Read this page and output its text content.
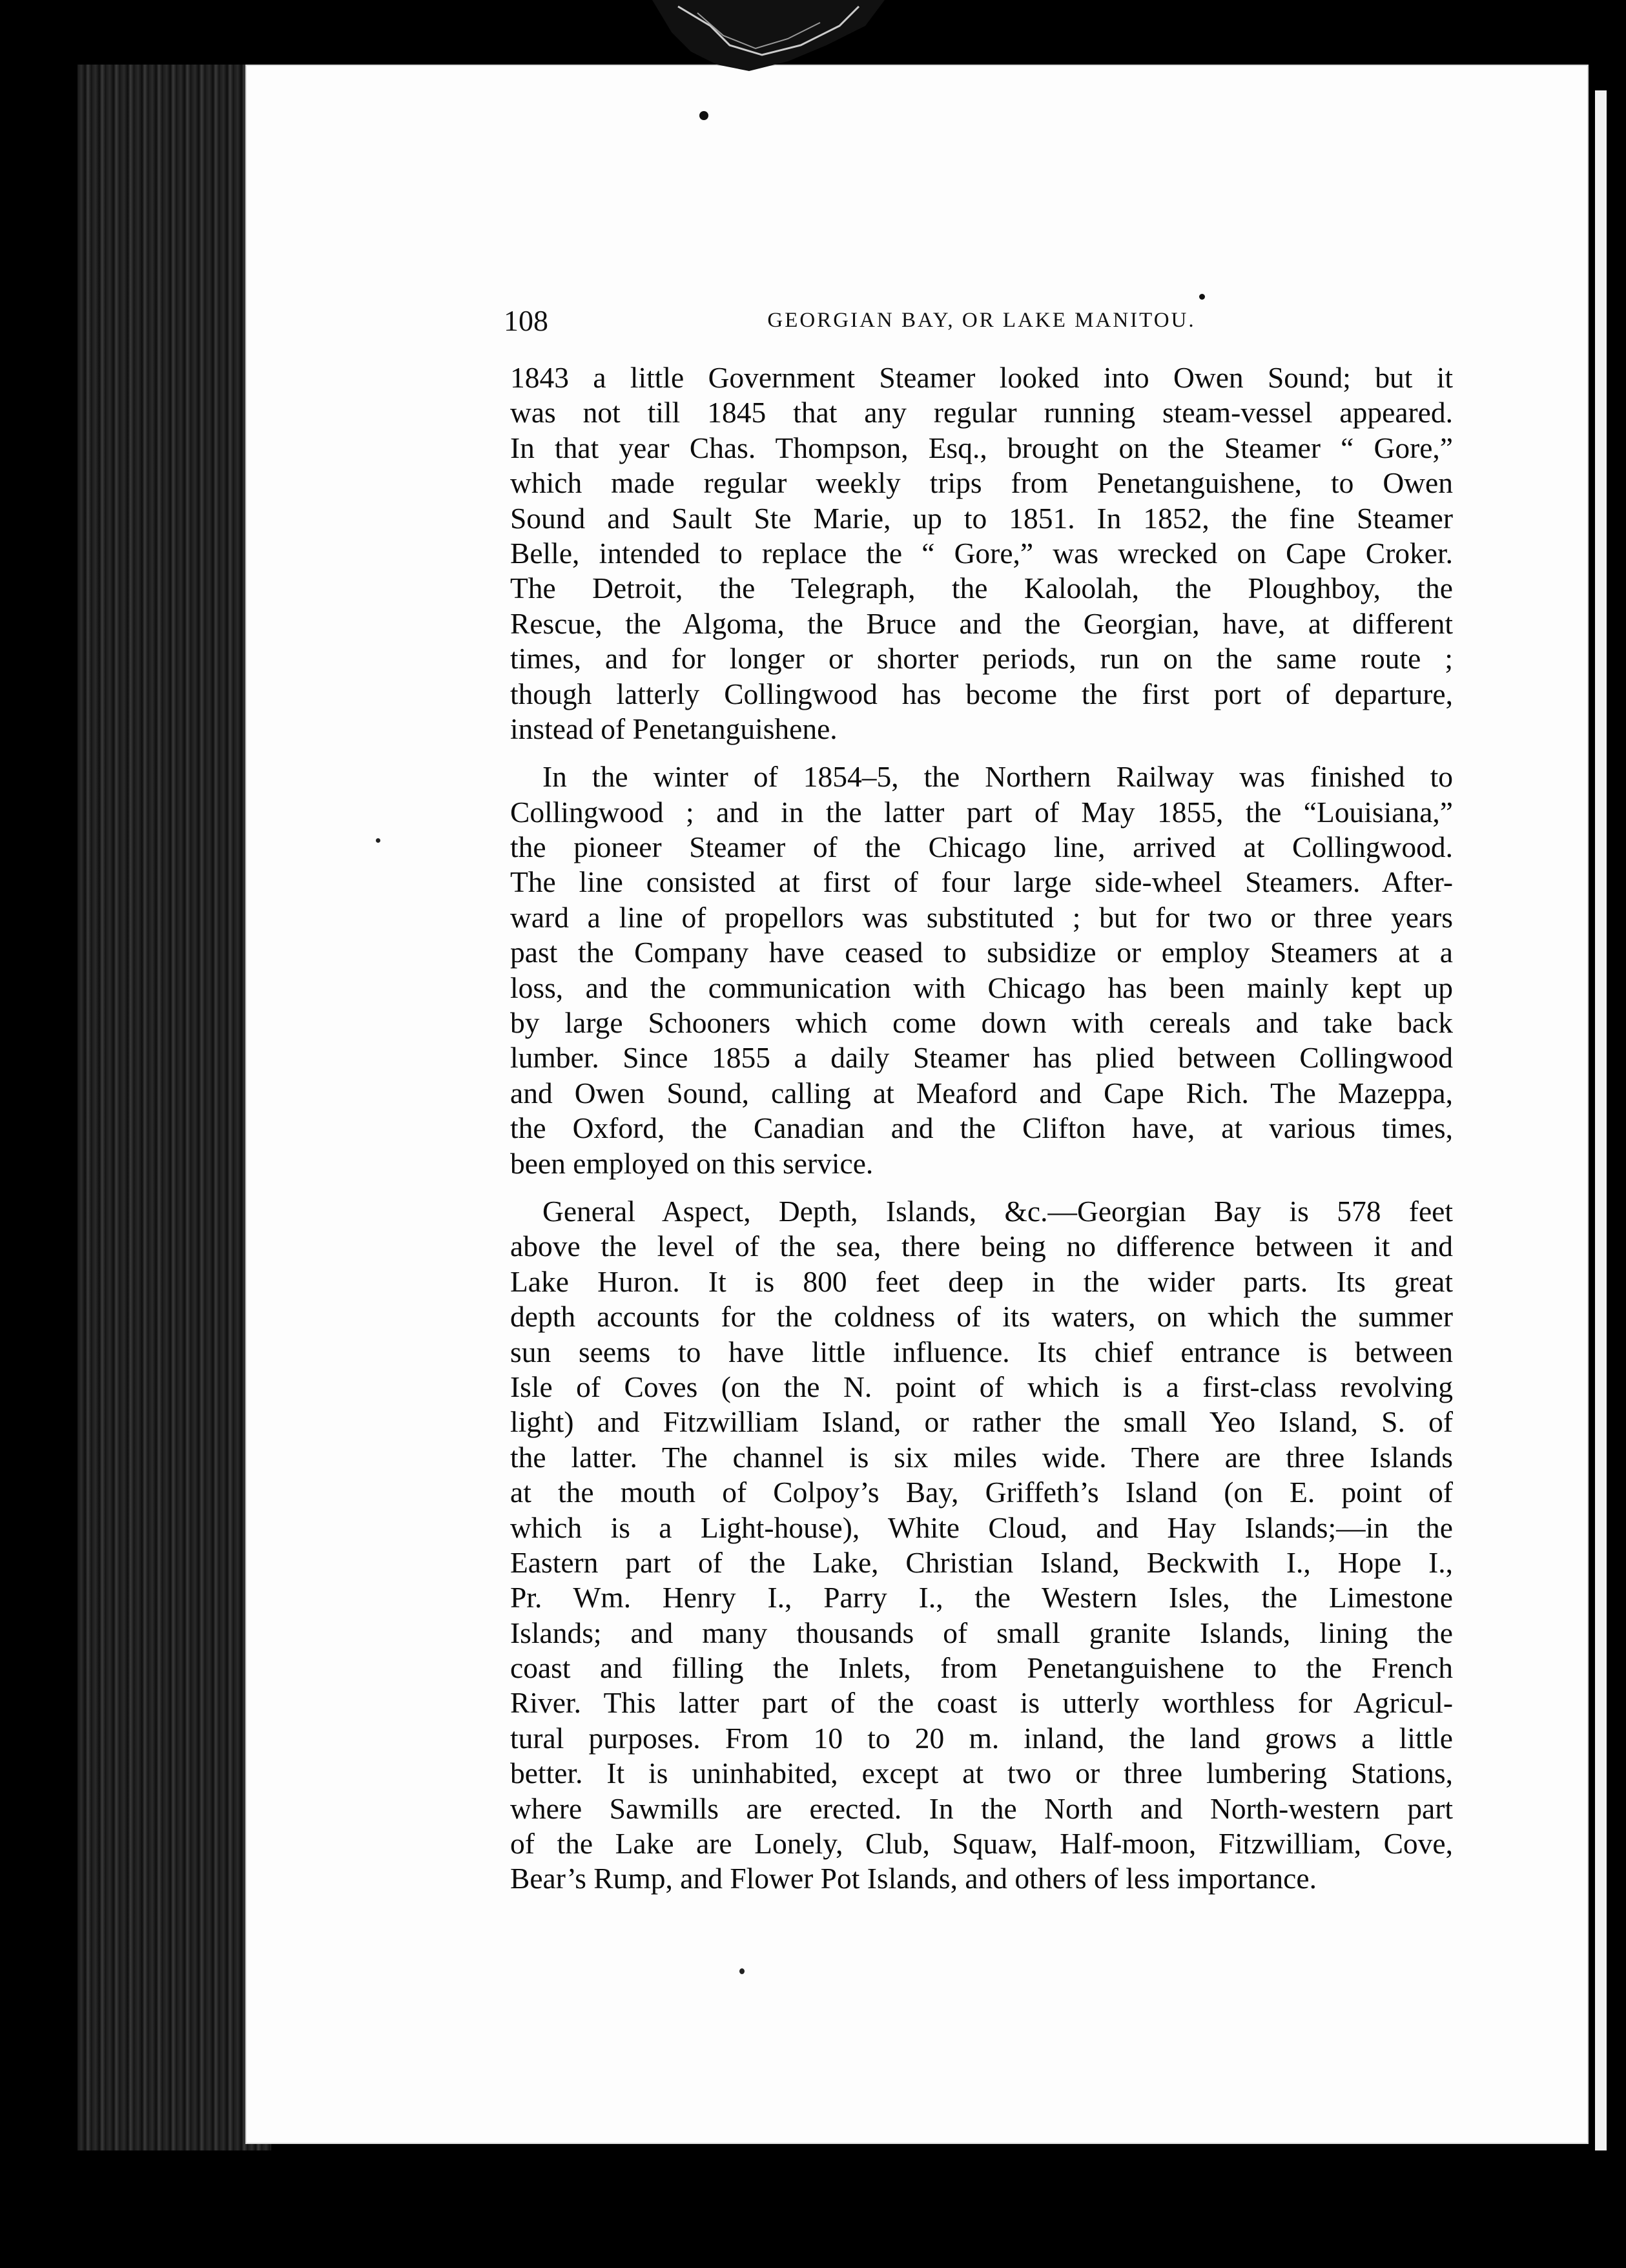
108	GEORGIAN BAY, OR LAKE MANITOU.
1843 a little Government Steamer looked into Owen Sound; but it
was not till 1845 that any regular running steam-vessel appeared.
In that year Chas. Thompson, Esq., brought on the Steamer “ Gore,”
which made regular weekly trips from Penetanguishene, to Owen
Sound and Sault Ste Marie, up to 1851. In 1852, the fine Steamer
Belle, intended to replace the “ Gore,” was wrecked on Cape Croker.
The Detroit, the Telegraph, the Kaloolah, the Ploughboy, the
Rescue, the Algoma, the Bruce and the Georgian, have, at different
times, and for longer or shorter periods, run on the same route ;
though latterly Collingwood has become the first port of departure,
instead of Penetanguishene.
In the winter of 1854–5, the Northern Railway was finished to
Collingwood ; and in the latter part of May 1855, the “Louisiana,”
the pioneer Steamer of the Chicago line, arrived at Collingwood.
The line consisted at first of four large side-wheel Steamers. After-
ward a line of propellors was substituted ; but for two or three years
past the Company have ceased to subsidize or employ Steamers at a
loss, and the communication with Chicago has been mainly kept up
by large Schooners which come down with cereals and take back
lumber. Since 1855 a daily Steamer has plied between Collingwood
and Owen Sound, calling at Meaford and Cape Rich. The Mazeppa,
the Oxford, the Canadian and the Clifton have, at various times,
been employed on this service.
General Aspect, Depth, Islands, &c.—Georgian Bay is 578 feet
above the level of the sea, there being no difference between it and
Lake Huron. It is 800 feet deep in the wider parts. Its great
depth accounts for the coldness of its waters, on which the summer
sun seems to have little influence. Its chief entrance is between
Isle of Coves (on the N. point of which is a first-class revolving
light) and Fitzwilliam Island, or rather the small Yeo Island, S. of
the latter. The channel is six miles wide. There are three Islands
at the mouth of Colpoy’s Bay, Griffeth’s Island (on E. point of
which is a Light-house), White Cloud, and Hay Islands;—in the
Eastern part of the Lake, Christian Island, Beckwith I., Hope I.,
Pr. Wm. Henry I., Parry I., the Western Isles, the Limestone
Islands; and many thousands of small granite Islands, lining the
coast and filling the Inlets, from Penetanguishene to the French
River. This latter part of the coast is utterly worthless for Agricul-
tural purposes. From 10 to 20 m. inland, the land grows a little
better. It is uninhabited, except at two or three lumbering Stations,
where Sawmills are erected. In the North and North-western part
of the Lake are Lonely, Club, Squaw, Half-moon, Fitzwilliam, Cove,
Bear’s Rump, and Flower Pot Islands, and others of less importance.
